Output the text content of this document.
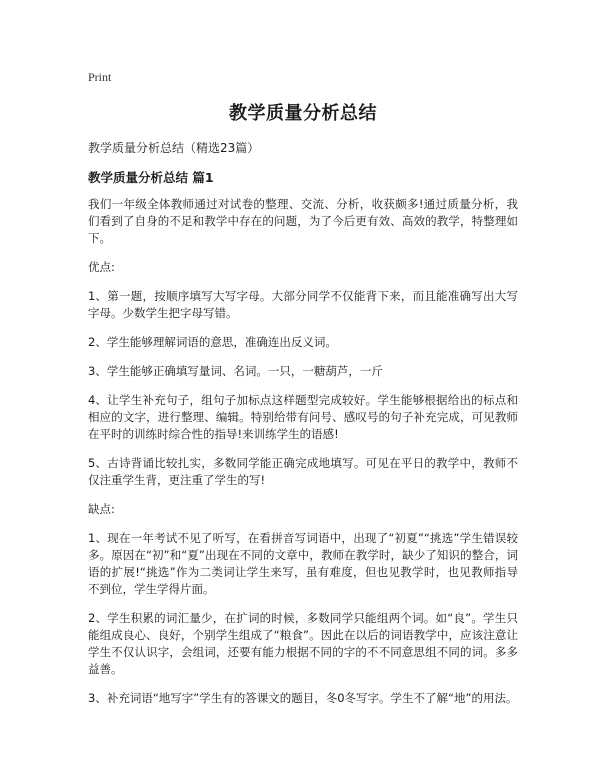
Print
教学质量分析总结
教学质量分析总结（精选23篇）
教学质量分析总结 篇1

我们一年级全体教师通过对试卷的整理、交流、分析，收获颇多!通过质量分析，我们看到了自身的不足和教学中存在的问题，为了今后更有效、高效的教学，特整理如下。

优点:

1、第一题，按顺序填写大写字母。大部分同学不仅能背下来，而且能准确写出大写字母。少数学生把字母写错。

2、学生能够理解词语的意思，准确连出反义词。

3、学生能够正确填写量词、名词。一只，一糖葫芦，一斤

4、让学生补充句子，组句子加标点这样题型完成较好。学生能够根据给出的标点和相应的文字，进行整理、编辑。特别给带有问号、感叹号的句子补充完成，可见教师在平时的训练时综合性的指导!来训练学生的语感!

5、古诗背诵比较扎实，多数同学能正确完成地填写。可见在平日的教学中，教师不仅注重学生背，更注重了学生的写!

缺点:

1、现在一年考试不见了听写，在看拼音写词语中，出现了“初夏”“挑选”学生错误较多。原因在“初”和“夏”出现在不同的文章中，教师在教学时，缺少了知识的整合，词语的扩展!“挑选”作为二类词让学生来写，虽有难度，但也见教学时，也见教师指导不到位，学生学得片面。

2、学生积累的词汇量少，在扩词的时候，多数同学只能组两个词。如“良”。学生只能组成良心、良好，个别学生组成了“粮食”。因此在以后的词语教学中，应该注意让学生不仅认识字，会组词，还要有能力根据不同的字的不不同意思组不同的词。多多益善。

3、补充词语“地写字”学生有的答课文的题目，冬0冬写字。学生不了解“地”的用法。
